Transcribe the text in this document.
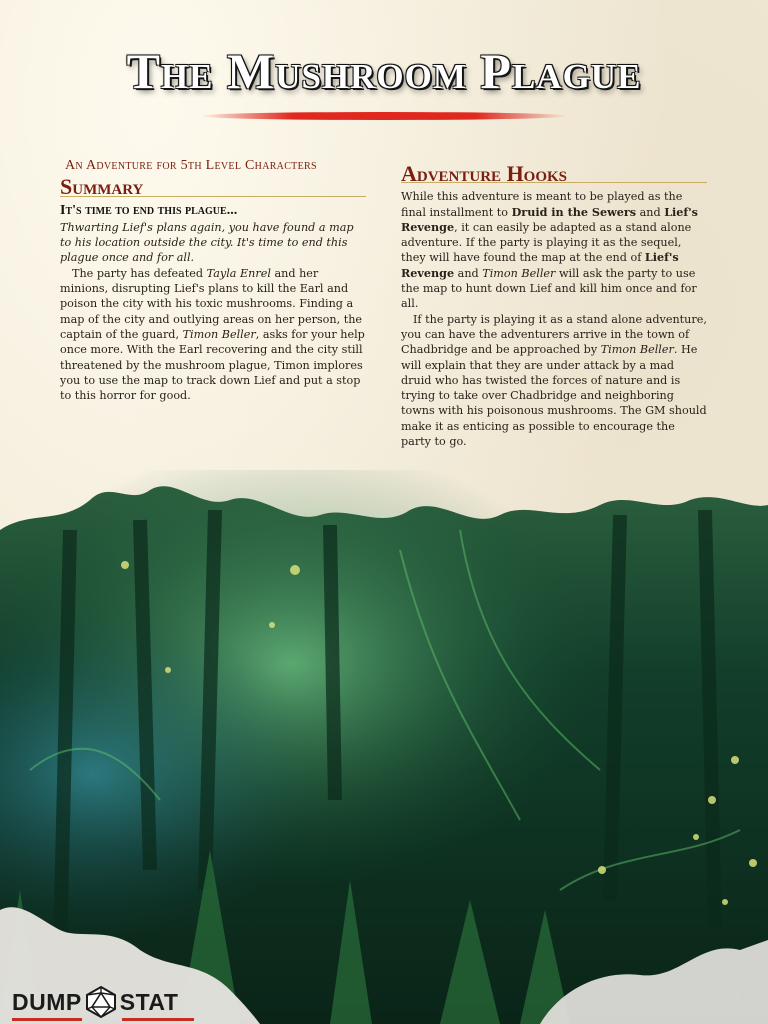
The Mushroom Plague
An Adventure for 5th Level Characters
Summary
It's time to end this plague...

Thwarting Lief's plans again, you have found a map to his location outside the city. It's time to end this plague once and for all.

The party has defeated Tayla Enrel and her minions, disrupting Lief's plans to kill the Earl and poison the city with his toxic mushrooms. Finding a map of the city and outlying areas on her person, the captain of the guard, Timon Beller, asks for your help once more. With the Earl recovering and the city still threatened by the mushroom plague, Timon implores you to use the map to track down Lief and put a stop to this horror for good.

Adventure Hooks

While this adventure is meant to be played as the final installment to Druid in the Sewers and Lief's Revenge, it can easily be adapted as a stand alone adventure. If the party is playing it as the sequel, they will have found the map at the end of Lief's Revenge and Timon Beller will ask the party to use the map to hunt down Lief and kill him once and for all.

If the party is playing it as a stand alone adventure, you can have the adventurers arrive in the town of Chadbridge and be approached by Timon Beller. He will explain that they are under attack by a mad druid who has twisted the forces of nature and is trying to take over Chadbridge and neighboring towns with his poisonous mushrooms. The GM should make it as enticing as possible to encourage the party to go.

DUMP STAT	1
